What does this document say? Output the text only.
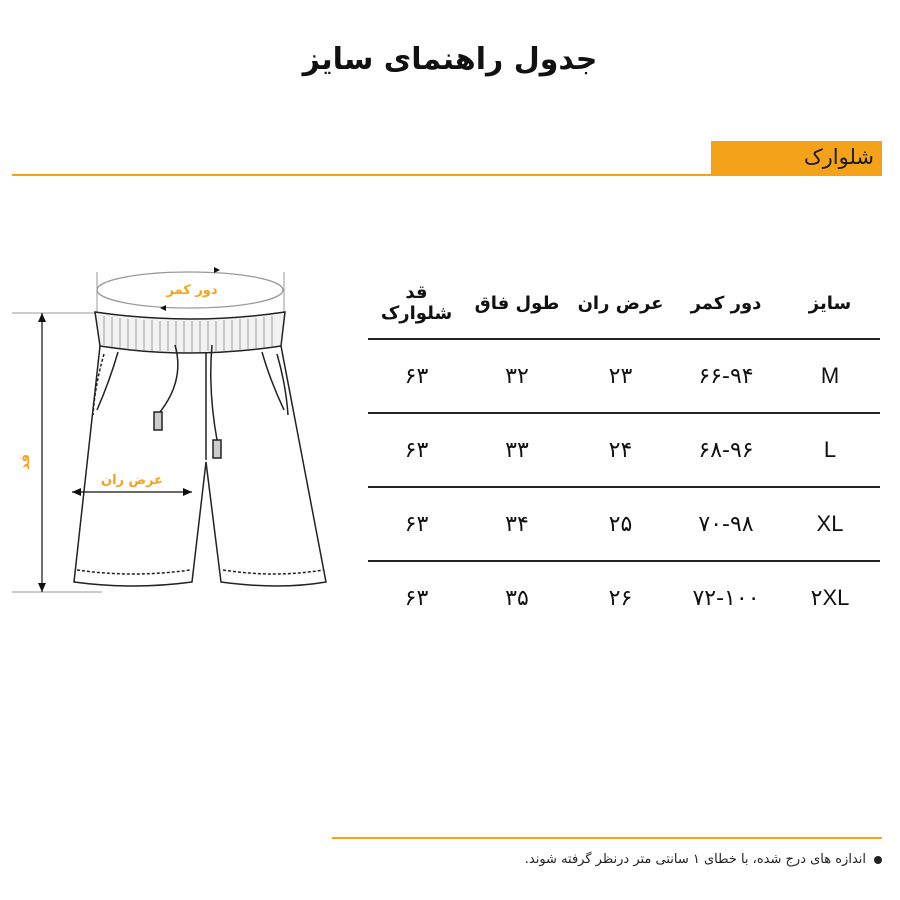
جدول راهنمای سایز
شلوارک
دور کمر
قد
عرض ران
سایز	دور کمر	عرض ران	طول فاق	قد شلوارک
M	۶۶-۹۴	۲۳	۳۲	۶۳
L	۶۸-۹۶	۲۴	۳۳	۶۳
XL	۷۰-۹۸	۲۵	۳۴	۶۳
۲XL	۷۲-۱۰۰	۲۶	۳۵	۶۳
اندازه های درج شده، با خطای ۱ سانتی متر درنظر گرفته شوند.
